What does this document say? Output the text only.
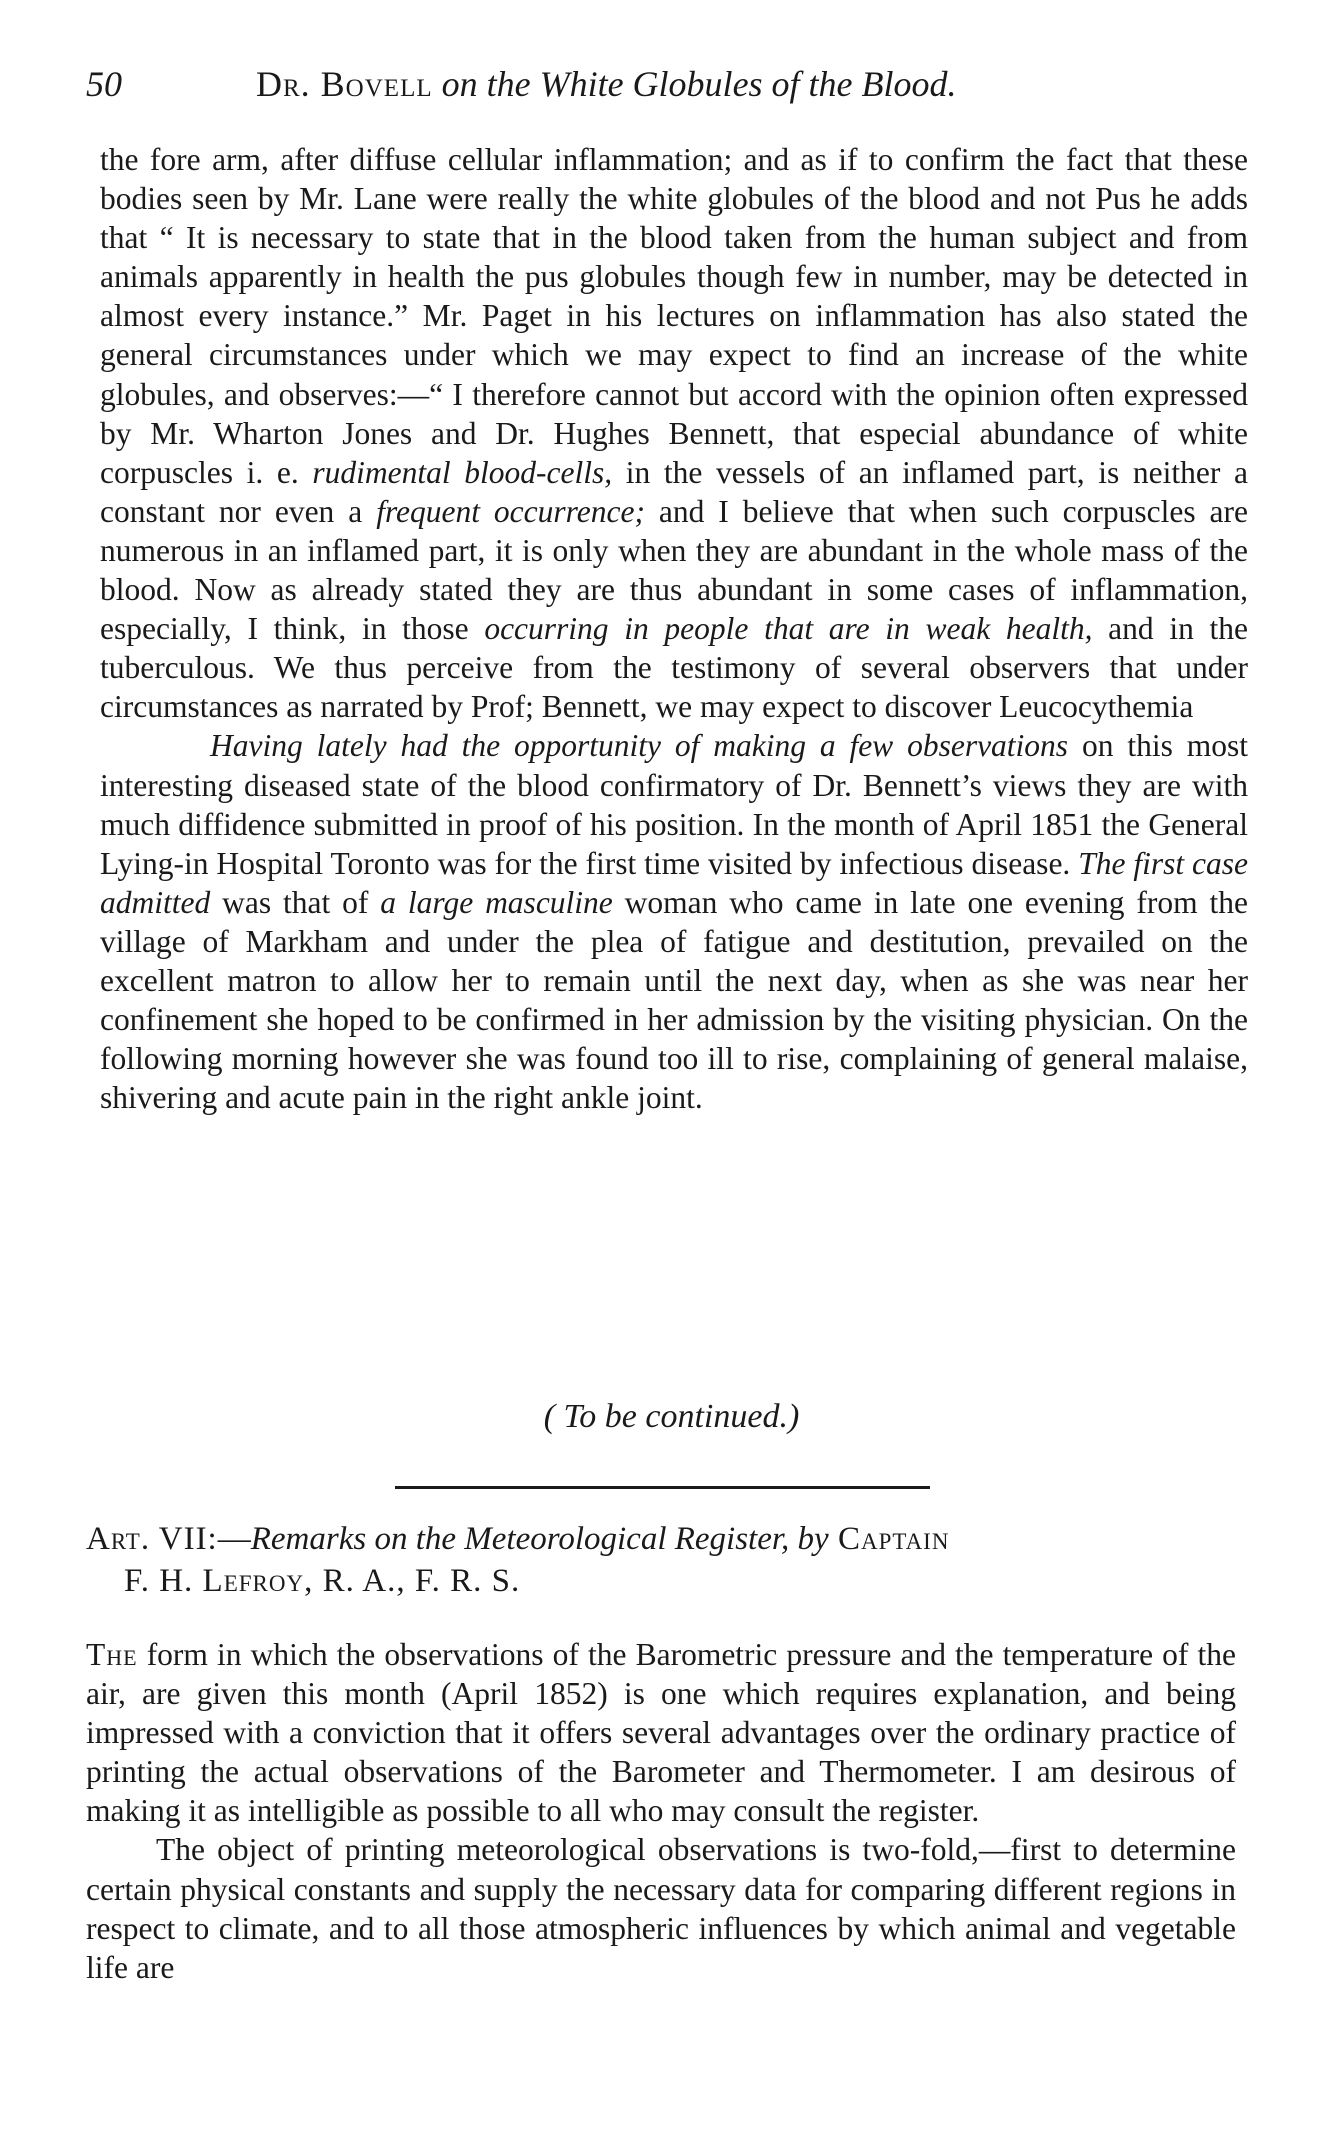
50	Dr. Bovell on the White Globules of the Blood.

the fore arm, after diffuse cellular inflammation; and as if to confirm the fact that these bodies seen by Mr. Lane were really the white globules of the blood and not Pus he adds that “ It is necessary to state that in the blood taken from the human subject and from animals apparently in health the pus globules though few in number, may be detected in almost every instance.” Mr. Paget in his lectures on inflammation has also stated the general circumstances under which we may expect to find an increase of the white globules, and observes:—“ I therefore cannot but accord with the opinion often expressed by Mr. Wharton Jones and Dr. Hughes Bennett, that especial abundance of white corpuscles i. e. rudimental blood-cells, in the vessels of an inflamed part, is neither a constant nor even a frequent occurrence; and I believe that when such corpuscles are numerous in an inflamed part, it is only when they are abundant in the whole mass of the blood. Now as already stated they are thus abundant in some cases of inflammation, especially, I think, in those occurring in people that are in weak health, and in the tuberculous. We thus perceive from the testimony of several observers that under circumstances as narrated by Prof; Bennett, we may expect to discover Leucocythemia

Having lately had the opportunity of making a few observations on this most interesting diseased state of the blood confirmatory of Dr. Bennett’s views they are with much diffidence submitted in proof of his position. In the month of April 1851 the General Lying-in Hospital Toronto was for the first time visited by infectious disease. The first case admitted was that of a large masculine woman who came in late one evening from the village of Markham and under the plea of fatigue and destitution, prevailed on the excellent matron to allow her to remain until the next day, when as she was near her confinement she hoped to be confirmed in her admission by the visiting physician. On the following morning however she was found too ill to rise, complaining of general malaise, shivering and acute pain in the right ankle joint.

( To be continued.)
Art. VII:—Remarks on the Meteorological Register, by Captain
F. H. Lefroy, R. A., F. R. S.

The form in which the observations of the Barometric pressure and the temperature of the air, are given this month (April 1852) is one which requires explanation, and being impressed with a conviction that it offers several advantages over the ordinary practice of printing the actual observations of the Barometer and Thermometer. I am desirous of making it as intelligible as possible to all who may consult the register.

The object of printing meteorological observations is two-fold,—first to determine certain physical constants and supply the necessary data for comparing different regions in respect to climate, and to all those atmospheric influences by which animal and vegetable life are
